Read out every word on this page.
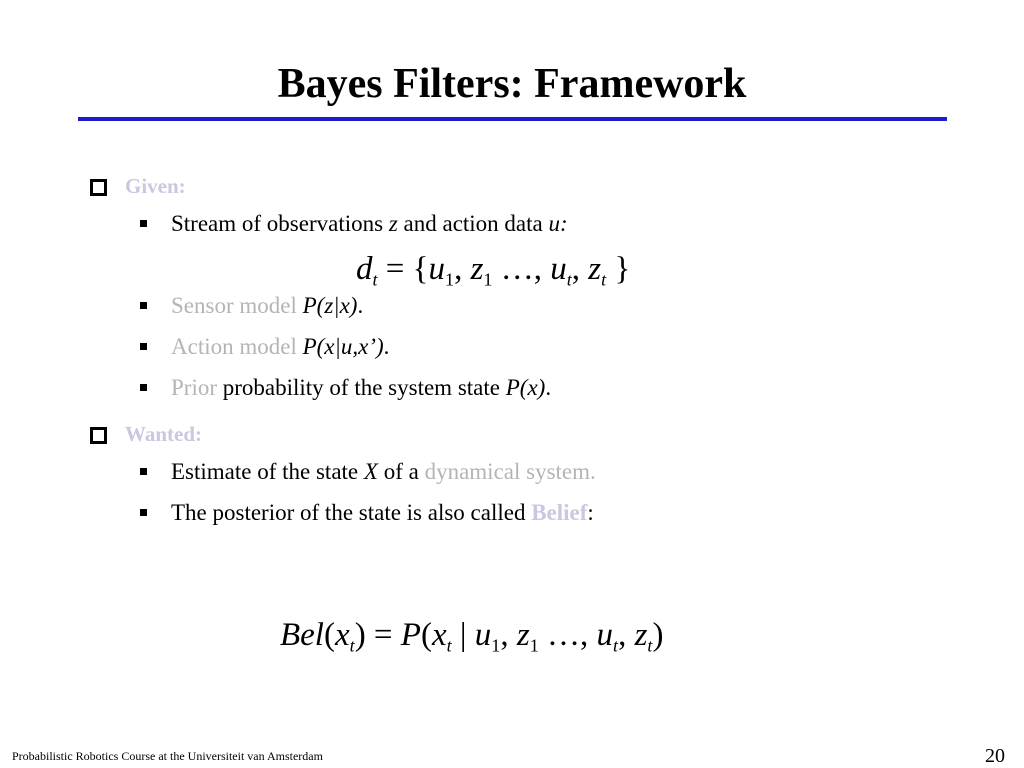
Bayes Filters: Framework
Given:
Stream of observations z and action data u:
$d_t = \{u_1$, $z_1$ …, $u_t$, $z_t$ }
Sensor model P(z|x).
Action model P(x|u,x’).
Prior probability of the system state P(x).
Wanted:
Estimate of the state X of a dynamical system.
The posterior of the state is also called Belief:
$Bel(x_t) = P(x_t$ | $u_1$, $z_1$ …, $u_t$, $z_t$)
Probabilistic Robotics Course at the Universiteit van Amsterdam	20
